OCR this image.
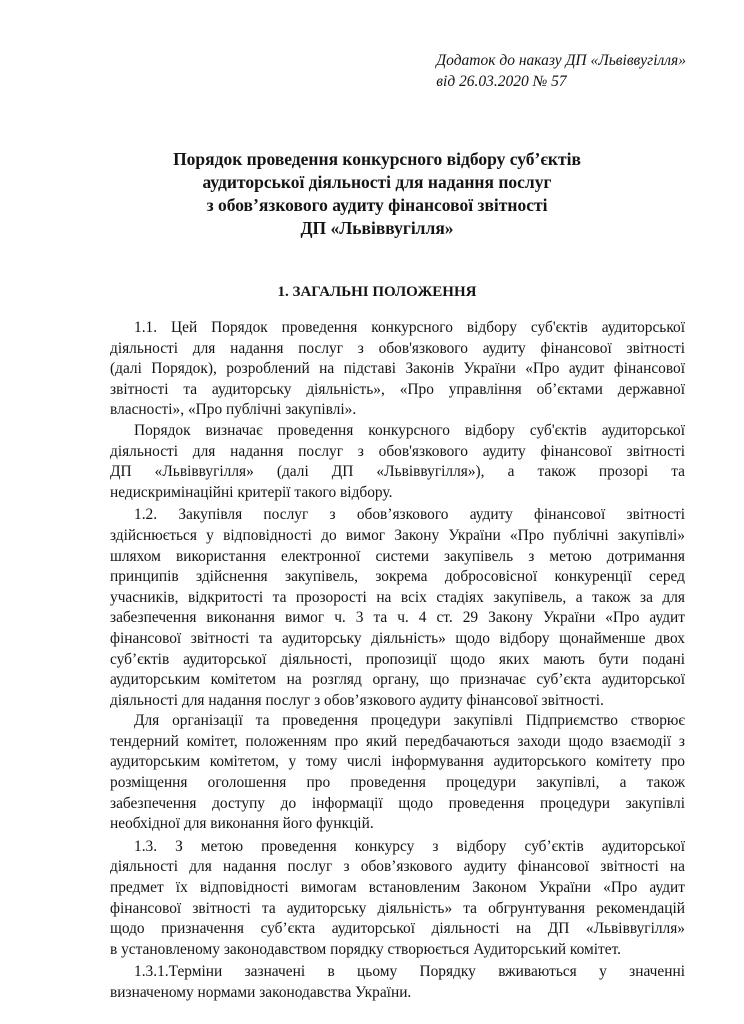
Додаток до наказу ДП «Львіввугілля»
від 26.03.2020 № 57
Порядок проведення конкурсного відбору суб’єктів
аудиторської діяльності для надання послуг
з обов’язкового аудиту фінансової звітності
ДП «Львіввугілля»
1. ЗАГАЛЬНІ ПОЛОЖЕННЯ
1.1. Цей Порядок проведення конкурсного відбору суб'єктів аудиторської
діяльності для надання послуг з обов'язкового аудиту фінансової звітності
(далі Порядок), розроблений на підставі Законів України «Про аудит фінансової
звітності та аудиторську діяльність», «Про управління об’єктами державної
власності», «Про публічні закупівлі».
Порядок визначає проведення конкурсного відбору суб'єктів аудиторської
діяльності для надання послуг з обов'язкового аудиту фінансової звітності
ДП «Львіввугілля» (далі ДП «Львіввугілля»), а також прозорі та
недискримінаційні критерії такого відбору.
1.2. Закупівля послуг з обов’язкового аудиту фінансової звітності
здійснюється у відповідності до вимог Закону України «Про публічні закупівлі»
шляхом використання електронної системи закупівель з метою дотримання
принципів здійснення закупівель, зокрема добросовісної конкуренції серед
учасників, відкритості та прозорості на всіх стадіях закупівель, а також за для
забезпечення виконання вимог ч. 3 та ч. 4 ст. 29 Закону України «Про аудит
фінансової звітності та аудиторську діяльність» щодо відбору щонайменше двох
суб’єктів аудиторської діяльності, пропозиції щодо яких мають бути подані
аудиторським комітетом на розгляд органу, що призначає суб’єкта аудиторської
діяльності для надання послуг з обов’язкового аудиту фінансової звітності.
Для організації та проведення процедури закупівлі Підприємство створює
тендерний комітет, положенням про який передбачаються заходи щодо взаємодії з
аудиторським комітетом, у тому числі інформування аудиторського комітету про
розміщення оголошення про проведення процедури закупівлі, а також
забезпечення доступу до інформації щодо проведення процедури закупівлі
необхідної для виконання його функцій.
1.3. З метою проведення конкурсу з відбору суб’єктів аудиторської
діяльності для надання послуг з обов’язкового аудиту фінансової звітності на
предмет їх відповідності вимогам встановленим Законом України «Про аудит
фінансової звітності та аудиторську діяльність» та обгрунтування рекомендацій
щодо призначення суб’єкта аудиторської діяльності на ДП «Львіввугілля»
в установленому законодавством порядку створюється Аудиторський комітет.
1.3.1.Терміни зазначені в цьому Порядку вживаються у значенні
визначеному нормами законодавства України.
